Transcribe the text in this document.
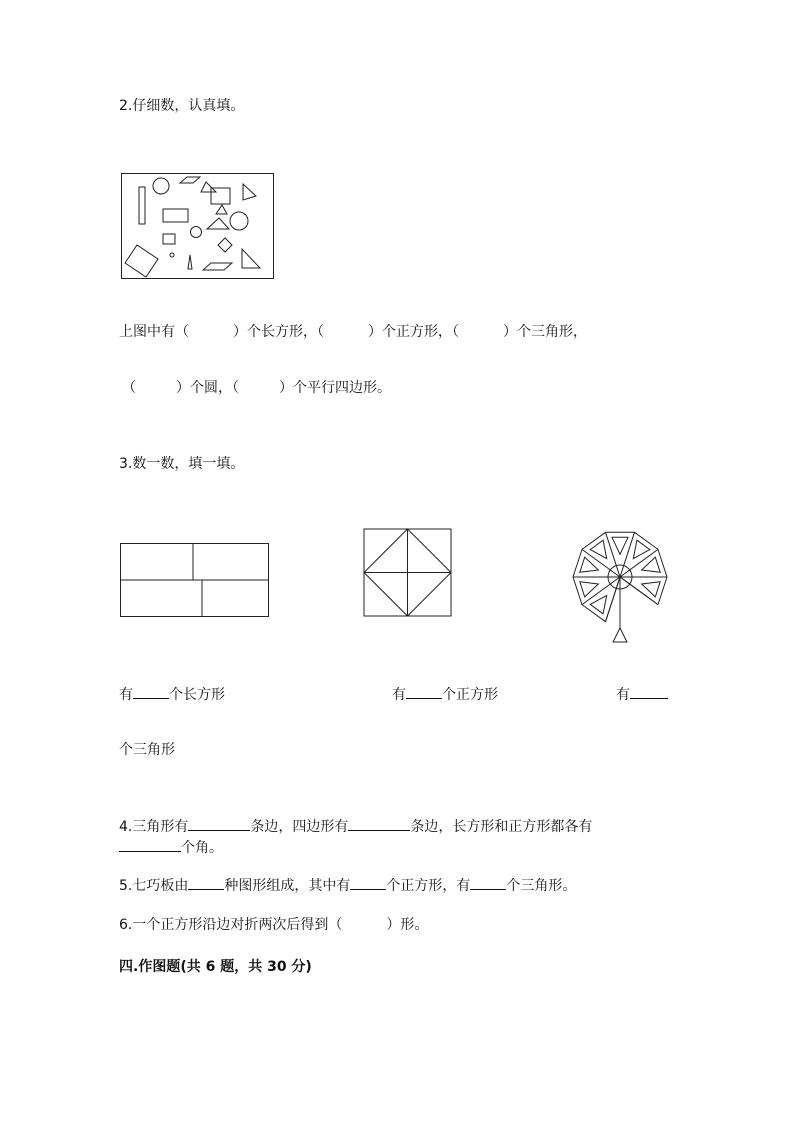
2.仔细数，认真填。
上图中有（	）个长方形，（	）个正方形，（	）个三角形，
（	）个圆，（	）个平行四边形。
3.数一数，填一填。
有	个长方形	有	个正方形	有
个三角形
4.三角形有	条边，四边形有	条边，长方形和正方形都各有
个角。
5.七巧板由	种图形组成，其中有	个正方形，有	个三角形。
6.一个正方形沿边对折两次后得到（	）形。
四.作图题(共 6 题，共 30 分)
